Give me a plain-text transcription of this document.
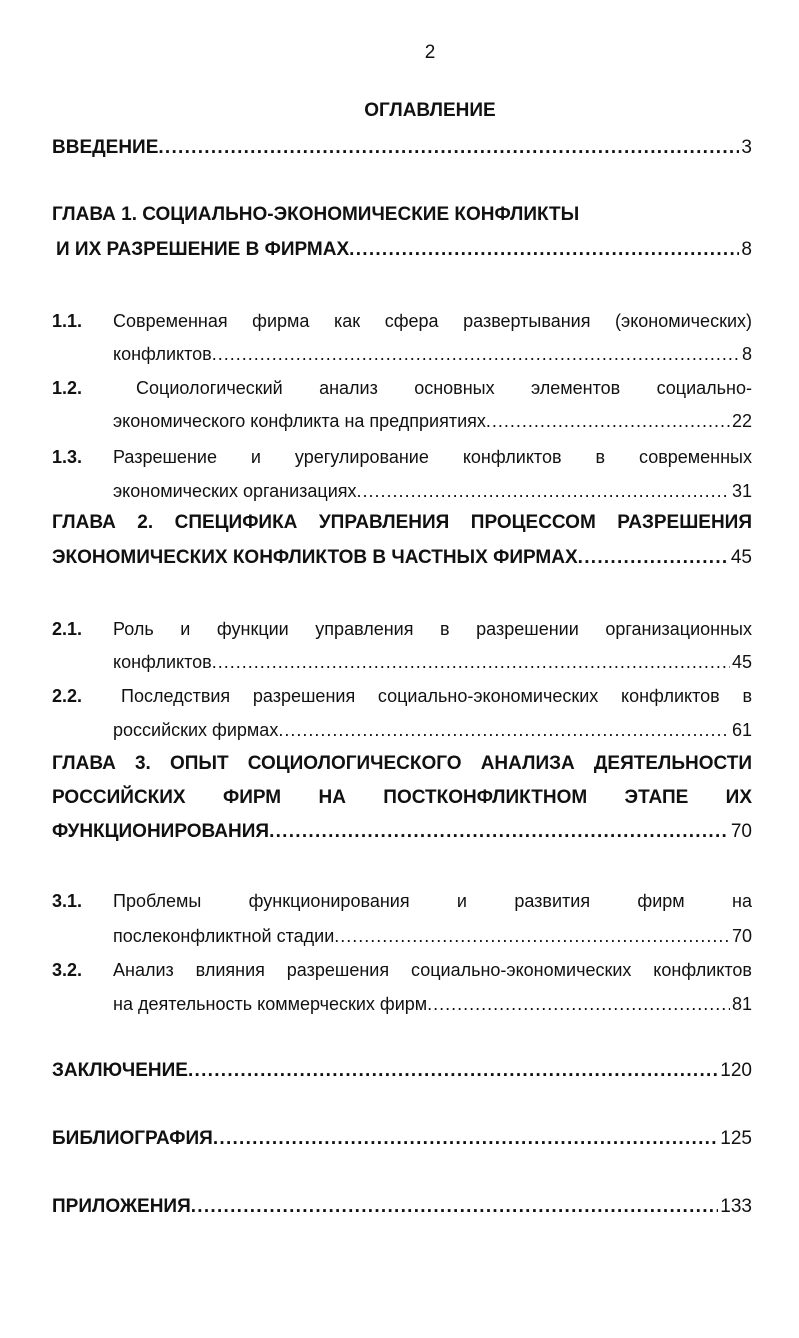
2
ОГЛАВЛЕНИЕ
ВВЕДЕНИЕ . . .	3
ГЛАВА 1. СОЦИАЛЬНО-ЭКОНОМИЧЕСКИЕ КОНФЛИКТЫ
И ИХ РАЗРЕШЕНИЕ В ФИРМАХ . . .	8
1.1. Современная фирма как сфера развертывания (экономических)
конфликтов . . .	8
1.2.	Социологический анализ основных элементов социально-
экономического конфликта на предприятиях . . .	22
1.3. Разрешение и урегулирование конфликтов в современных
экономических организациях . . .	31
ГЛАВА 2. СПЕЦИФИКА УПРАВЛЕНИЯ ПРОЦЕССОМ РАЗРЕШЕНИЯ
ЭКОНОМИЧЕСКИХ КОНФЛИКТОВ В ЧАСТНЫХ ФИРМАХ . . .	45
2.1. Роль и функции управления в разрешении организационных
конфликтов . . .	45
2.2. Последствия разрешения социально-экономических конфликтов в
российских фирмах . . .	61
ГЛАВА 3. ОПЫТ СОЦИОЛОГИЧЕСКОГО АНАЛИЗА ДЕЯТЕЛЬНОСТИ
РОССИЙСКИХ ФИРМ НА ПОСТКОНФЛИКТНОМ ЭТАПЕ ИХ
ФУНКЦИОНИРОВАНИЯ . . .	70
3.1. Проблемы функционирования и развития фирм на
послеконфликтной стадии . . .	70
3.2. Анализ влияния разрешения социально-экономических конфликтов
на деятельность коммерческих фирм . . .	81
ЗАКЛЮЧЕНИЕ . . .	120
БИБЛИОГРАФИЯ . . .	125
ПРИЛОЖЕНИЯ . . .	133
